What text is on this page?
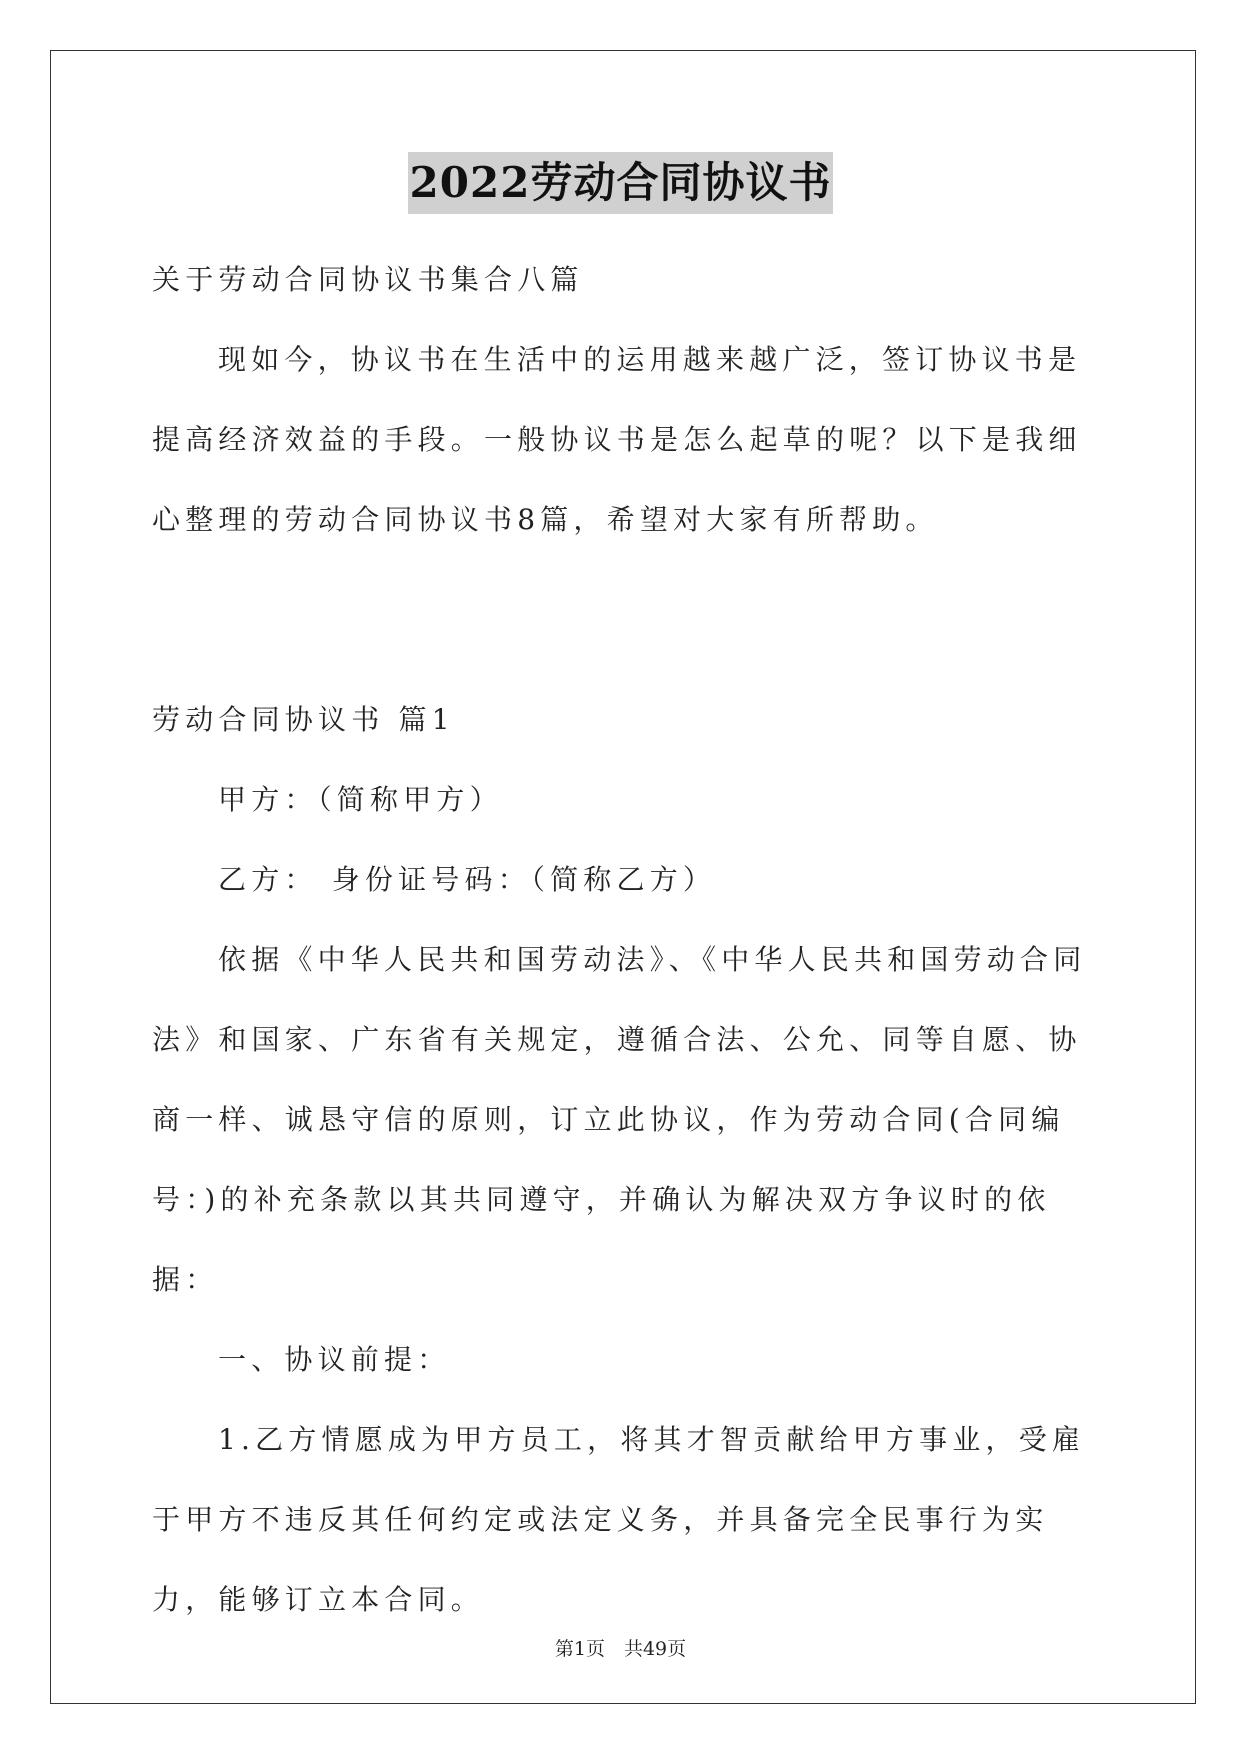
2022劳动合同协议书

关于劳动合同协议书集合八篇

现如今，协议书在生活中的运用越来越广泛，签订协议书是提高经济效益的手段。一般协议书是怎么起草的呢？以下是我细心整理的劳动合同协议书8篇，希望对大家有所帮助。

劳动合同协议书 篇1

甲方：（简称甲方）

乙方： 身份证号码：（简称乙方）

依据《中华人民共和国劳动法》、《中华人民共和国劳动合同法》和国家、广东省有关规定，遵循合法、公允、同等自愿、协商一样、诚恳守信的原则，订立此协议，作为劳动合同(合同编号：)的补充条款以其共同遵守，并确认为解决双方争议时的依据：

一、协议前提：

1.乙方情愿成为甲方员工，将其才智贡献给甲方事业，受雇于甲方不违反其任何约定或法定义务，并具备完全民事行为实力，能够订立本合同。

第1页　共49页
